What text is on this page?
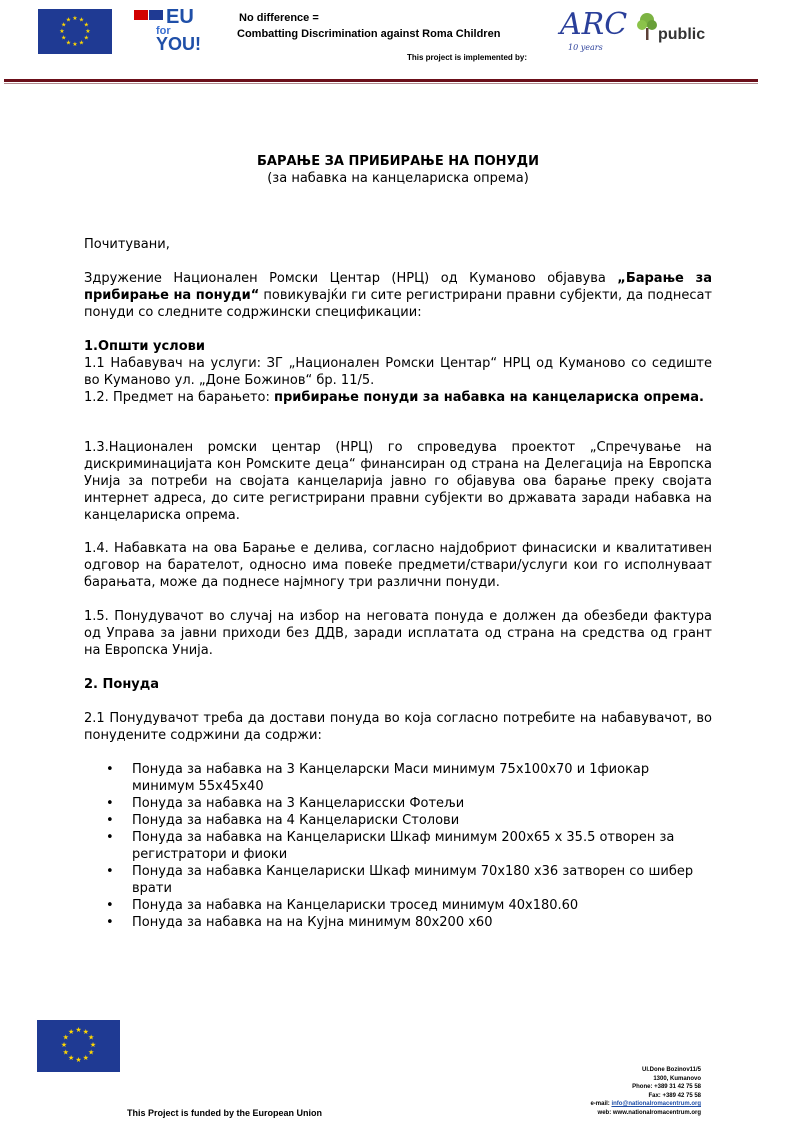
★ ★
★
★
★
★
★
★
★
★
★
★	EU
for
YOU!
No difference =
Combatting Discrimination against Roma Children
This project is implemented by:
ARC
10 years
public
БАРАЊЕ ЗА ПРИБИРАЊЕ НА ПОНУДИ
(за набавка на канцелариска опрема)

Почитувани,

Здружение Национален Ромски Центар (НРЦ) од Куманово објавува „Барање за прибирање на понуди“ повикувајќи ги сите регистрирани правни субјекти, да поднесат понуди со следните содржински спецификации:

1.Општи услови

1.1 Набавувач на услуги: ЗГ „Национален Ромски Центар“ НРЦ од Куманово со седиште во Куманово ул. „Доне Божинов“ бр. 11/5.

1.2. Предмет на барањето: прибирање понуди за набавка на канцелариска опрема.

1.3.Национален ромски центар (НРЦ) го спроведува проектот „Спречување на дискриминацијата кон Ромските деца“ финансиран од страна на Делегација на Европска Унија за потреби на својата канцеларија јавно го објавува ова барање преку својата интернет адреса, до сите регистрирани правни субјекти во државата заради набавка на канцелариска опрема.

1.4. Набавката на ова Барање е делива, согласно најдобриот финасиски и квалитативен одговор на барателот, односно има повеќе предмети/ствари/услуги кои го исполнуваат барањата, може да поднесе најмногу три различни понуди.

1.5. Понудувачот во случај на избор на неговата понуда е должен да обезбеди фактура од Управа за јавни приходи без ДДВ, заради исплатата од страна на средства од грант на Европска Унија.

2. Понуда

2.1 Понудувачот треба да достави понуда во која согласно потребите на набавувачот, во понудените содржини да содржи:

• Понуда за набавка на 3 Канцеларски Маси минимум 75x100x70 и 1фиокар минимум 55x45x40
• Понуда за набавка на 3 Канцеларисски Фотељи
• Понуда за набавка на 4 Канцелариски Столови
• Понуда за набавка на Канцелариски Шкаф минимум 200x65 x 35.5 отворен за регистратори и фиоки
• Понуда за набавка Канцелариски Шкаф минимум 70x180 x36 затворен со шибер врати
• Понуда за набавка на Канцелариски тросед минимум 40x180.60
• Понуда за набавка на на Кујна минимум 80x200 x60
★ ★
★
★
★
★
★
★
★
★
★
★
This Project is funded by the European Union
Ul.Done Bozinov11/5
1300, Kumanovo
Phone: +389 31 42 75 58
Fax: +389 42 75 58
e-mail: info@nationalromacentrum.org
web: www.nationalromacentrum.org
